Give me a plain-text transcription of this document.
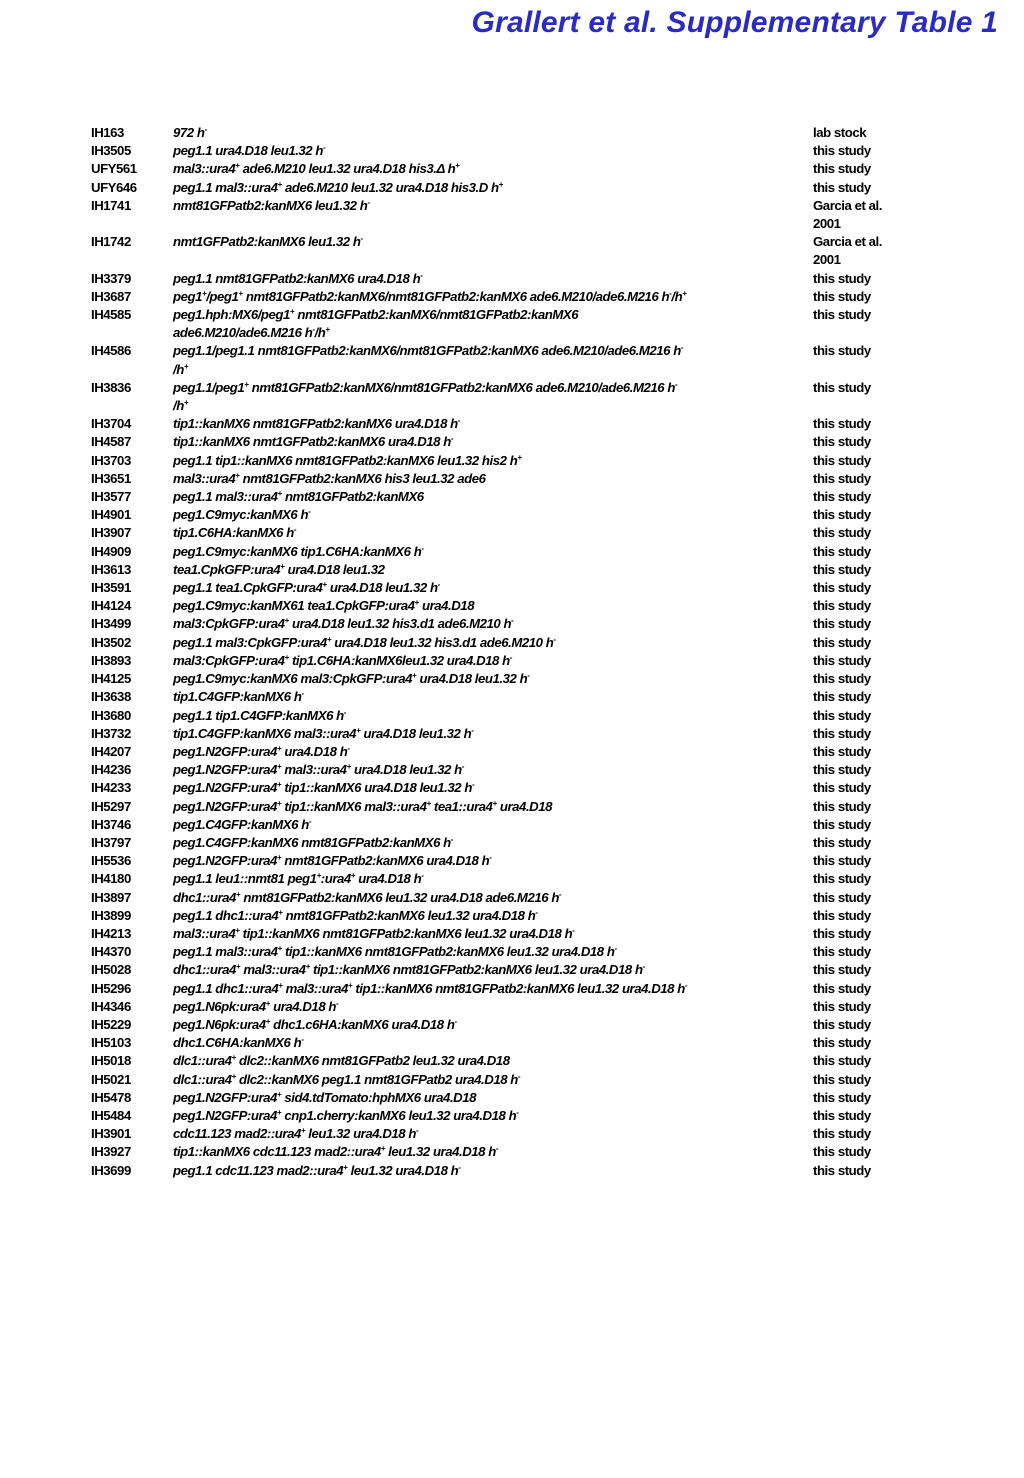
Grallert et al. Supplementary Table 1
IH163	972 h-	lab stock
IH3505	peg1.1 ura4.D18 leu1.32 h-	this study
UFY561	mal3::ura4+ ade6.M210 leu1.32 ura4.D18 his3.Δ h+	this study
UFY646	peg1.1 mal3::ura4+ ade6.M210 leu1.32 ura4.D18 his3.D h+	this study
IH1741	nmt81GFPatb2:kanMX6 leu1.32 h-	Garcia et al. 2001
IH1742	nmt1GFPatb2:kanMX6 leu1.32 h-	Garcia et al. 2001
IH3379	peg1.1 nmt81GFPatb2:kanMX6 ura4.D18 h-	this study
IH3687	peg1+/peg1+ nmt81GFPatb2:kanMX6/nmt81GFPatb2:kanMX6 ade6.M210/ade6.M216 h-/h+	this study
IH4585	peg1.hph:MX6/peg1+ nmt81GFPatb2:kanMX6/nmt81GFPatb2:kanMX6
ade6.M210/ade6.M216 h-/h+	this study
IH4586	peg1.1/peg1.1 nmt81GFPatb2:kanMX6/nmt81GFPatb2:kanMX6 ade6.M210/ade6.M216 h-
/h+	this study
IH3836	peg1.1/peg1+ nmt81GFPatb2:kanMX6/nmt81GFPatb2:kanMX6 ade6.M210/ade6.M216 h-
/h+	this study
IH3704	tip1::kanMX6 nmt81GFPatb2:kanMX6 ura4.D18 h-	this study
IH4587	tip1::kanMX6 nmt1GFPatb2:kanMX6 ura4.D18 h-	this study
IH3703	peg1.1 tip1::kanMX6 nmt81GFPatb2:kanMX6 leu1.32 his2 h+	this study
IH3651	mal3::ura4+ nmt81GFPatb2:kanMX6 his3 leu1.32 ade6	this study
IH3577	peg1.1 mal3::ura4+ nmt81GFPatb2:kanMX6	this study
IH4901	peg1.C9myc:kanMX6 h-	this study
IH3907	tip1.C6HA:kanMX6 h-	this study
IH4909	peg1.C9myc:kanMX6 tip1.C6HA:kanMX6 h-	this study
IH3613	tea1.CpkGFP:ura4+ ura4.D18 leu1.32	this study
IH3591	peg1.1 tea1.CpkGFP:ura4+ ura4.D18 leu1.32 h-	this study
IH4124	peg1.C9myc:kanMX61 tea1.CpkGFP:ura4+ ura4.D18	this study
IH3499	mal3:CpkGFP:ura4+ ura4.D18 leu1.32 his3.d1 ade6.M210 h-	this study
IH3502	peg1.1 mal3:CpkGFP:ura4+ ura4.D18 leu1.32 his3.d1 ade6.M210 h-	this study
IH3893	mal3:CpkGFP:ura4+ tip1.C6HA:kanMX6leu1.32 ura4.D18 h-	this study
IH4125	peg1.C9myc:kanMX6 mal3:CpkGFP:ura4+ ura4.D18 leu1.32 h-	this study
IH3638	tip1.C4GFP:kanMX6 h-	this study
IH3680	peg1.1 tip1.C4GFP:kanMX6 h-	this study
IH3732	tip1.C4GFP:kanMX6 mal3::ura4+ ura4.D18 leu1.32 h-	this study
IH4207	peg1.N2GFP:ura4+ ura4.D18 h-	this study
IH4236	peg1.N2GFP:ura4+ mal3::ura4+ ura4.D18 leu1.32 h-	this study
IH4233	peg1.N2GFP:ura4+ tip1::kanMX6 ura4.D18 leu1.32 h-	this study
IH5297	peg1.N2GFP:ura4+ tip1::kanMX6 mal3::ura4+ tea1::ura4+ ura4.D18	this study
IH3746	peg1.C4GFP:kanMX6 h-	this study
IH3797	peg1.C4GFP:kanMX6 nmt81GFPatb2:kanMX6 h-	this study
IH5536	peg1.N2GFP:ura4+ nmt81GFPatb2:kanMX6 ura4.D18 h-	this study
IH4180	peg1.1 leu1::nmt81 peg1+:ura4+ ura4.D18 h-	this study
IH3897	dhc1::ura4+ nmt81GFPatb2:kanMX6 leu1.32 ura4.D18 ade6.M216 h-	this study
IH3899	peg1.1 dhc1::ura4+ nmt81GFPatb2:kanMX6 leu1.32 ura4.D18 h-	this study
IH4213	mal3::ura4+ tip1::kanMX6 nmt81GFPatb2:kanMX6 leu1.32 ura4.D18 h-	this study
IH4370	peg1.1 mal3::ura4+ tip1::kanMX6 nmt81GFPatb2:kanMX6 leu1.32 ura4.D18 h-	this study
IH5028	dhc1::ura4+ mal3::ura4+ tip1::kanMX6 nmt81GFPatb2:kanMX6 leu1.32 ura4.D18 h-	this study
IH5296	peg1.1 dhc1::ura4+ mal3::ura4+ tip1::kanMX6 nmt81GFPatb2:kanMX6 leu1.32 ura4.D18 h-	this study
IH4346	peg1.N6pk:ura4+ ura4.D18 h-	this study
IH5229	peg1.N6pk:ura4+ dhc1.c6HA:kanMX6 ura4.D18 h-	this study
IH5103	dhc1.C6HA:kanMX6 h-	this study
IH5018	dlc1::ura4+ dlc2::kanMX6 nmt81GFPatb2 leu1.32 ura4.D18	this study
IH5021	dlc1::ura4+ dlc2::kanMX6 peg1.1 nmt81GFPatb2 ura4.D18 h-	this study
IH5478	peg1.N2GFP:ura4+ sid4.tdTomato:hphMX6 ura4.D18	this study
IH5484	peg1.N2GFP:ura4+ cnp1.cherry:kanMX6 leu1.32 ura4.D18 h-	this study
IH3901	cdc11.123 mad2::ura4+ leu1.32 ura4.D18 h-	this study
IH3927	tip1::kanMX6 cdc11.123 mad2::ura4+ leu1.32 ura4.D18 h-	this study
IH3699	peg1.1 cdc11.123 mad2::ura4+ leu1.32 ura4.D18 h-	this study
